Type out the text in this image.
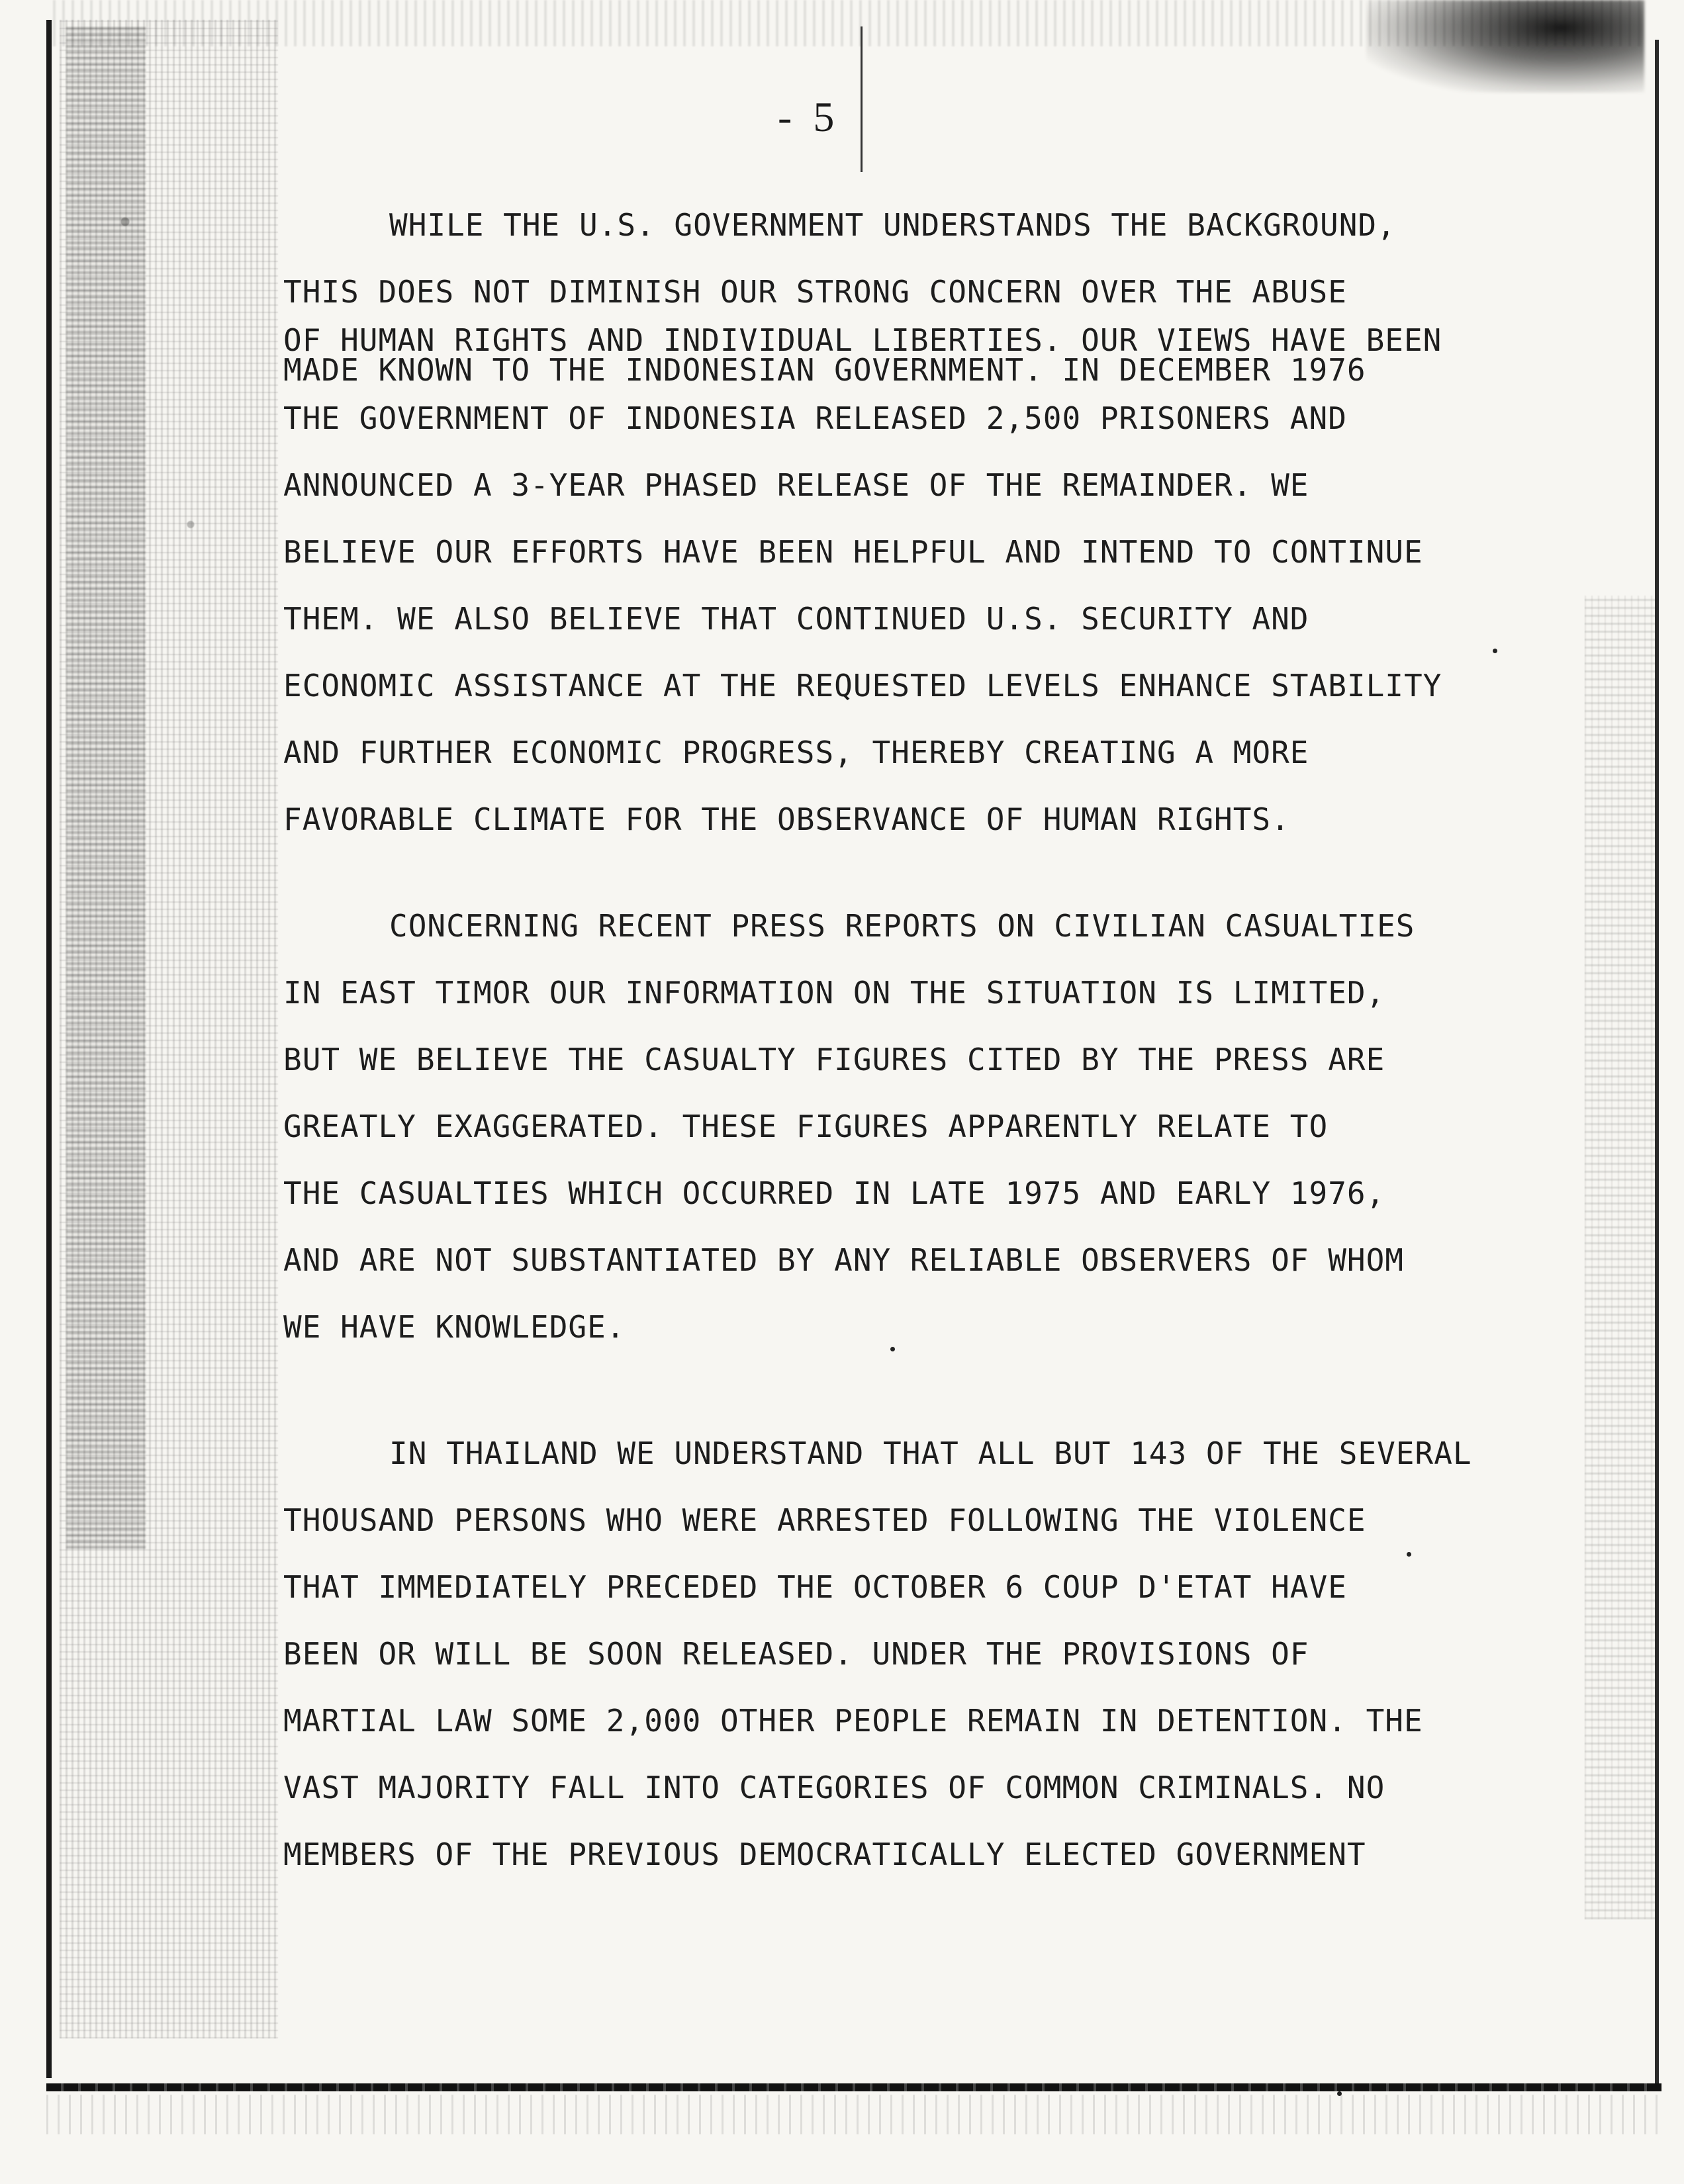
- 5
WHILE THE U.S. GOVERNMENT UNDERSTANDS THE BACKGROUND,
THIS DOES NOT DIMINISH OUR STRONG CONCERN OVER THE ABUSE
OF HUMAN RIGHTS AND INDIVIDUAL LIBERTIES. OUR VIEWS HAVE BEEN
MADE KNOWN TO THE INDONESIAN GOVERNMENT. IN DECEMBER 1976
THE GOVERNMENT OF INDONESIA RELEASED 2,500 PRISONERS AND
ANNOUNCED A 3-YEAR PHASED RELEASE OF THE REMAINDER. WE
BELIEVE OUR EFFORTS HAVE BEEN HELPFUL AND INTEND TO CONTINUE
THEM. WE ALSO BELIEVE THAT CONTINUED U.S. SECURITY AND
ECONOMIC ASSISTANCE AT THE REQUESTED LEVELS ENHANCE STABILITY
AND FURTHER ECONOMIC PROGRESS, THEREBY CREATING A MORE
FAVORABLE CLIMATE FOR THE OBSERVANCE OF HUMAN RIGHTS.
CONCERNING RECENT PRESS REPORTS ON CIVILIAN CASUALTIES
IN EAST TIMOR OUR INFORMATION ON THE SITUATION IS LIMITED,
BUT WE BELIEVE THE CASUALTY FIGURES CITED BY THE PRESS ARE
GREATLY EXAGGERATED. THESE FIGURES APPARENTLY RELATE TO
THE CASUALTIES WHICH OCCURRED IN LATE 1975 AND EARLY 1976,
AND ARE NOT SUBSTANTIATED BY ANY RELIABLE OBSERVERS OF WHOM
WE HAVE KNOWLEDGE.
IN THAILAND WE UNDERSTAND THAT ALL BUT 143 OF THE SEVERAL
THOUSAND PERSONS WHO WERE ARRESTED FOLLOWING THE VIOLENCE
THAT IMMEDIATELY PRECEDED THE OCTOBER 6 COUP D'ETAT HAVE
BEEN OR WILL BE SOON RELEASED. UNDER THE PROVISIONS OF
MARTIAL LAW SOME 2,000 OTHER PEOPLE REMAIN IN DETENTION. THE
VAST MAJORITY FALL INTO CATEGORIES OF COMMON CRIMINALS. NO
MEMBERS OF THE PREVIOUS DEMOCRATICALLY ELECTED GOVERNMENT
